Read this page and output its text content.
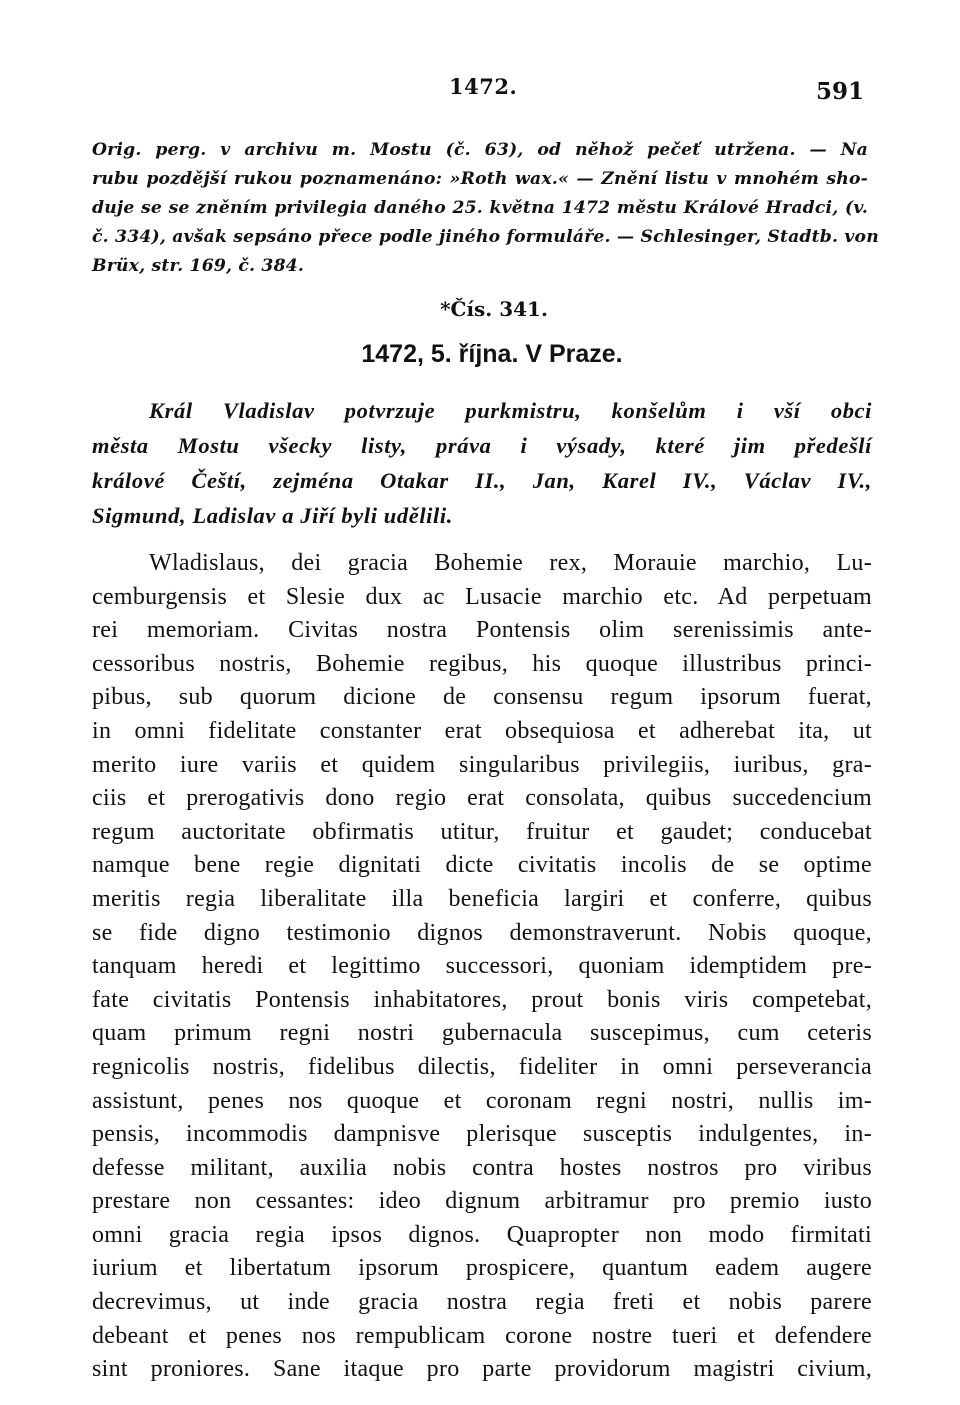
1472.	591
Orig. perg. v archivu m. Mostu (č. 63), od něhož pečeť utržena. — Na
rubu pozdější rukou poznamenáno: »Roth wax.« — Znění listu v mnohém sho-
duje se se zněním privilegia daného 25. května 1472 městu Králové Hradci, (v.
č. 334), avšak sepsáno přece podle jiného formuláře. — Schlesinger, Stadtb. von
Brüx, str. 169, č. 384.
*Čís. 341.
1472, 5. října. V Praze.
Král Vladislav potvrzuje purkmistru, konšelům i vší obci
města Mostu všecky listy, práva i výsady, které jim předešlí
králové Čeští, zejména Otakar II., Jan, Karel IV., Václav IV.,
Sigmund, Ladislav a Jiří byli udělili.
Wladislaus, dei gracia Bohemie rex, Morauie marchio, Lu-
cemburgensis et Slesie dux ac Lusacie marchio etc. Ad perpetuam
rei memoriam. Civitas nostra Pontensis olim serenissimis ante-
cessoribus nostris, Bohemie regibus, his quoque illustribus princi-
pibus, sub quorum dicione de consensu regum ipsorum fuerat,
in omni fidelitate constanter erat obsequiosa et adherebat ita, ut
merito iure variis et quidem singularibus privilegiis, iuribus, gra-
ciis et prerogativis dono regio erat consolata, quibus succedencium
regum auctoritate obfirmatis utitur, fruitur et gaudet; conducebat
namque bene regie dignitati dicte civitatis incolis de se optime
meritis regia liberalitate illa beneficia largiri et conferre, quibus
se fide digno testimonio dignos demonstraverunt. Nobis quoque,
tanquam heredi et legittimo successori, quoniam idemptidem pre-
fate civitatis Pontensis inhabitatores, prout bonis viris competebat,
quam primum regni nostri gubernacula suscepimus, cum ceteris
regnicolis nostris, fidelibus dilectis, fideliter in omni perseverancia
assistunt, penes nos quoque et coronam regni nostri, nullis im-
pensis, incommodis dampnisve plerisque susceptis indulgentes, in-
defesse militant, auxilia nobis contra hostes nostros pro viribus
prestare non cessantes: ideo dignum arbitramur pro premio iusto
omni gracia regia ipsos dignos. Quapropter non modo firmitati
iurium et libertatum ipsorum prospicere, quantum eadem augere
decrevimus, ut inde gracia nostra regia freti et nobis parere
debeant et penes nos rempublicam corone nostre tueri et defendere
sint proniores. Sane itaque pro parte providorum magistri civium,
